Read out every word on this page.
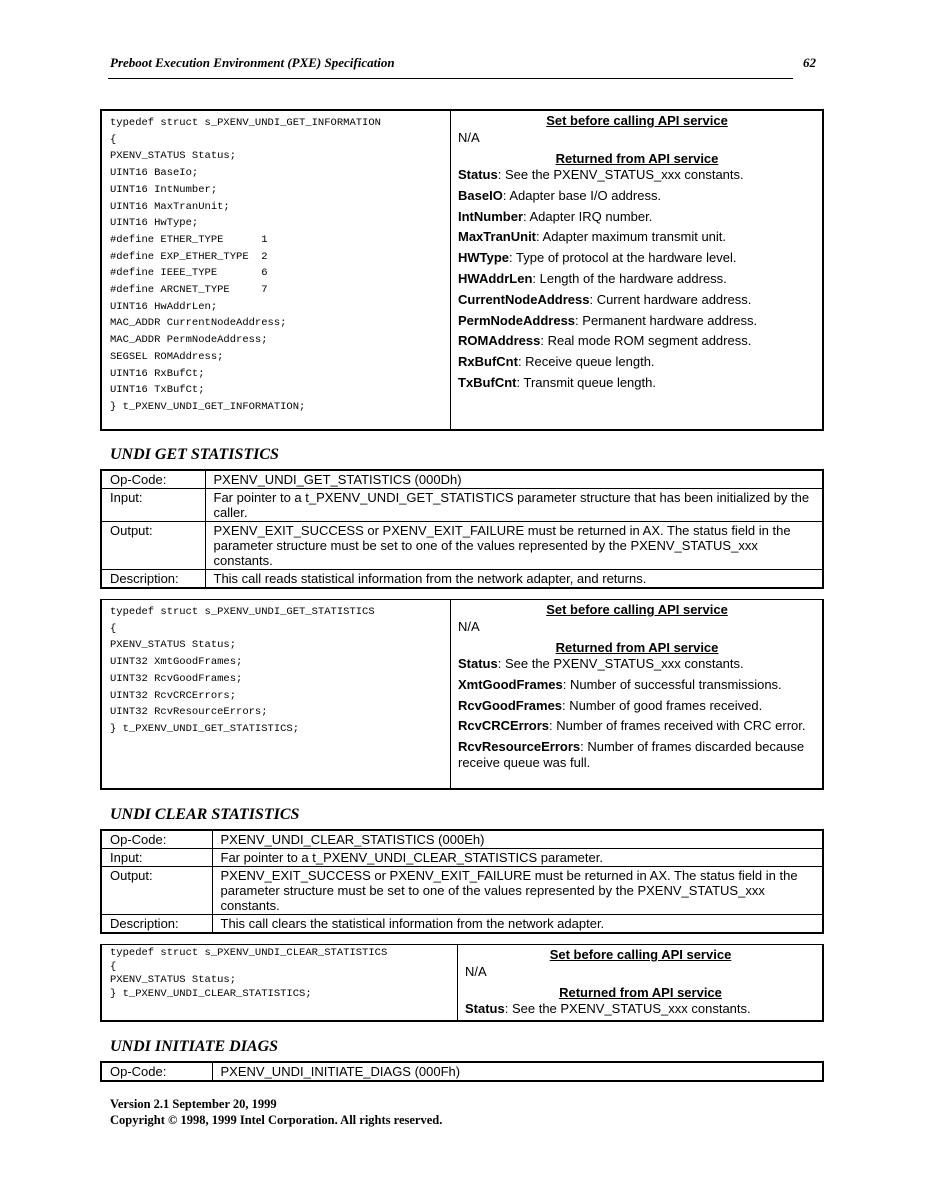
Preboot Execution Environment (PXE) Specification	62
typedef struct s_PXENV_UNDI_GET_INFORMATION
{
PXENV_STATUS Status;
UINT16 BaseIo;
UINT16 IntNumber;
UINT16 MaxTranUnit;
UINT16 HwType;
#define ETHER_TYPE      1
#define EXP_ETHER_TYPE  2
#define IEEE_TYPE       6
#define ARCNET_TYPE     7
UINT16 HwAddrLen;
MAC_ADDR CurrentNodeAddress;
MAC_ADDR PermNodeAddress;
SEGSEL ROMAddress;
UINT16 RxBufCt;
UINT16 TxBufCt;
} t_PXENV_UNDI_GET_INFORMATION;
Set before calling API service
N/A
Returned from API service
Status: See the PXENV_STATUS_xxx constants.
BaseIO: Adapter base I/O address.
IntNumber: Adapter IRQ number.
MaxTranUnit: Adapter maximum transmit unit.
HWType: Type of protocol at the hardware level.
HWAddrLen: Length of the hardware address.
CurrentNodeAddress: Current hardware address.
PermNodeAddress: Permanent hardware address.
ROMAddress: Real mode ROM segment address.
RxBufCnt: Receive queue length.
TxBufCnt: Transmit queue length.
UNDI GET STATISTICS
Op-Code:	PXENV_UNDI_GET_STATISTICS (000Dh)
Input:	Far pointer to a t_PXENV_UNDI_GET_STATISTICS parameter structure that has been initialized by the caller.
Output:	PXENV_EXIT_SUCCESS or PXENV_EXIT_FAILURE must be returned in AX. The status field in the parameter structure must be set to one of the values represented by the PXENV_STATUS_xxx constants.
Description:	This call reads statistical information from the network adapter, and returns.
typedef struct s_PXENV_UNDI_GET_STATISTICS
{
PXENV_STATUS Status;
UINT32 XmtGoodFrames;
UINT32 RcvGoodFrames;
UINT32 RcvCRCErrors;
UINT32 RcvResourceErrors;
} t_PXENV_UNDI_GET_STATISTICS;
Set before calling API service
N/A
Returned from API service
Status: See the PXENV_STATUS_xxx constants.
XmtGoodFrames: Number of successful transmissions.
RcvGoodFrames: Number of good frames received.
RcvCRCErrors: Number of frames received with CRC error.
RcvResourceErrors: Number of frames discarded because receive queue was full.
UNDI CLEAR STATISTICS
Op-Code:	PXENV_UNDI_CLEAR_STATISTICS (000Eh)
Input:	Far pointer to a t_PXENV_UNDI_CLEAR_STATISTICS parameter.
Output:	PXENV_EXIT_SUCCESS or PXENV_EXIT_FAILURE must be returned in AX. The status field in the parameter structure must be set to one of the values represented by the PXENV_STATUS_xxx constants.
Description:	This call clears the statistical information from the network adapter.
typedef struct s_PXENV_UNDI_CLEAR_STATISTICS
{
PXENV_STATUS Status;
} t_PXENV_UNDI_CLEAR_STATISTICS;
Set before calling API service
N/A
Returned from API service
Status: See the PXENV_STATUS_xxx constants.
UNDI INITIATE DIAGS
Op-Code:	PXENV_UNDI_INITIATE_DIAGS (000Fh)
Version 2.1 September 20, 1999
Copyright © 1998, 1999 Intel Corporation. All rights reserved.
